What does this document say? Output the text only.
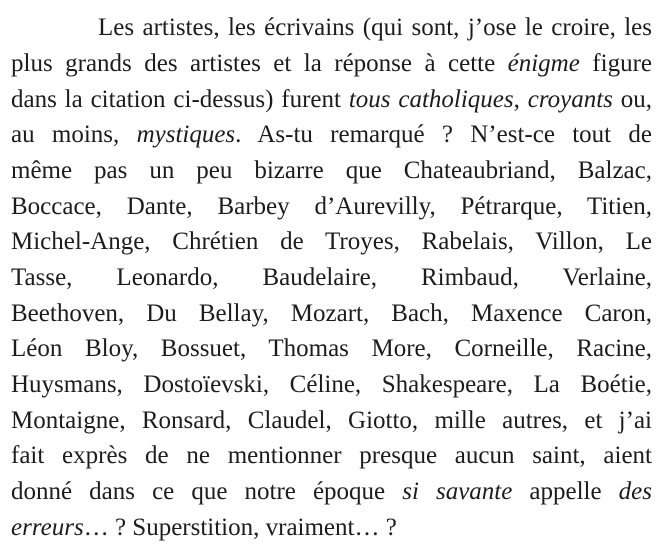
Les artistes, les écrivains (qui sont, j’ose le croire, les
plus grands des artistes et la réponse à cette énigme figure
dans la citation ci-dessus) furent tous catholiques, croyants ou,
au moins, mystiques. As-tu remarqué ? N’est-ce tout de
même pas un peu bizarre que Chateaubriand, Balzac,
Boccace, Dante, Barbey d’Aurevilly, Pétrarque, Titien,
Michel-Ange, Chrétien de Troyes, Rabelais, Villon, Le
Tasse, Leonardo, Baudelaire, Rimbaud, Verlaine,
Beethoven, Du Bellay, Mozart, Bach, Maxence Caron,
Léon Bloy, Bossuet, Thomas More, Corneille, Racine,
Huysmans, Dostoïevski, Céline, Shakespeare, La Boétie,
Montaigne, Ronsard, Claudel, Giotto, mille autres, et j’ai
fait exprès de ne mentionner presque aucun saint, aient
donné dans ce que notre époque si savante appelle des
erreurs… ? Superstition, vraiment… ?
